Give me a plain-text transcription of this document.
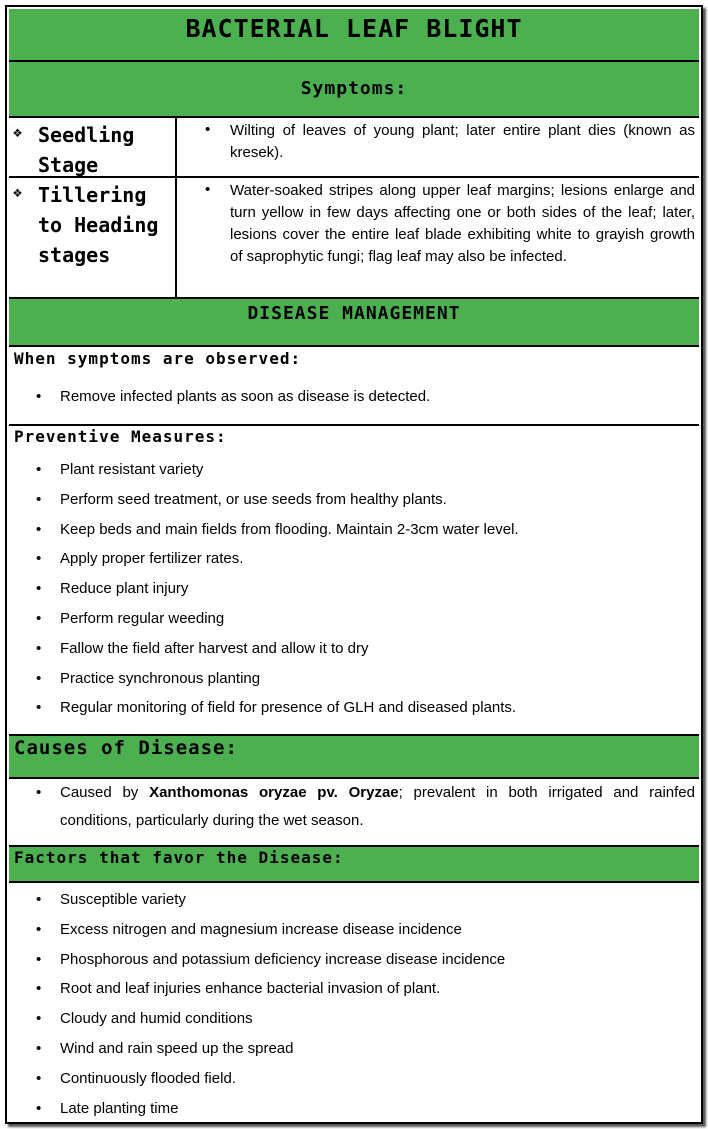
BACTERIAL LEAF BLIGHT
Symptoms:
❖ Seedling Stage
• Wilting of leaves of young plant; later entire plant dies (known as kresek).
❖ Tillering to Heading stages
• Water-soaked stripes along upper leaf margins; lesions enlarge and turn yellow in few days affecting one or both sides of the leaf; later, lesions cover the entire leaf blade exhibiting white to grayish growth of saprophytic fungi; flag leaf may also be infected.
DISEASE MANAGEMENT
When symptoms are observed:
• Remove infected plants as soon as disease is detected.
Preventive Measures:
• Plant resistant variety
• Perform seed treatment, or use seeds from healthy plants.
• Keep beds and main fields from flooding. Maintain 2-3cm water level.
• Apply proper fertilizer rates.
• Reduce plant injury
• Perform regular weeding
• Fallow the field after harvest and allow it to dry
• Practice synchronous planting
• Regular monitoring of field for presence of GLH and diseased plants.
Causes of Disease:
• Caused by Xanthomonas oryzae pv. Oryzae; prevalent in both irrigated and rainfed conditions, particularly during the wet season.
Factors that favor the Disease:
• Susceptible variety
• Excess nitrogen and magnesium increase disease incidence
• Phosphorous and potassium deficiency increase disease incidence
• Root and leaf injuries enhance bacterial invasion of plant.
• Cloudy and humid conditions
• Wind and rain speed up the spread
• Continuously flooded field.
• Late planting time
